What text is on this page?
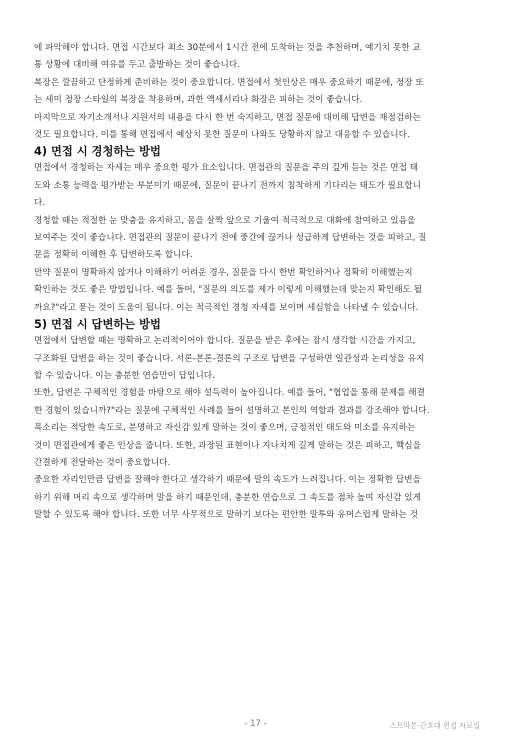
에 파악해야 합니다. 면접 시간보다 최소 30분에서 1시간 전에 도착하는 것을 추천하며, 예기치 못한 교

통 상황에 대비해 여유를 두고 출발하는 것이 좋습니다.

복장은 깔끔하고 단정하게 준비하는 것이 중요합니다. 면접에서 첫인상은 매우 중요하기 때문에, 정장 또

는 세미 정장 스타일의 복장을 착용하며, 과한 액세서리나 화장은 피하는 것이 좋습니다.

마지막으로 자기소개서나 지원서의 내용을 다시 한 번 숙지하고, 면접 질문에 대비해 답변을 재점검하는

것도 필요합니다. 이를 통해 면접에서 예상치 못한 질문이 나와도 당황하지 않고 대응할 수 있습니다.

4) 면접 시 경청하는 방법

면접에서 경청하는 자세는 매우 중요한 평가 요소입니다. 면접관의 질문을 주의 깊게 듣는 것은 면접 태

도와 소통 능력을 평가받는 부분이기 때문에, 질문이 끝나기 전까지 침착하게 기다리는 태도가 필요합니

다.

경청할 때는 적절한 눈 맞춤을 유지하고, 몸을 살짝 앞으로 기울여 적극적으로 대화에 참여하고 있음을

보여주는 것이 좋습니다. 면접관의 질문이 끝나기 전에 중간에 끊거나 성급하게 답변하는 것을 피하고, 질

문을 정확히 이해한 후 답변하도록 합니다.

만약 질문이 명확하지 않거나 이해하기 어려운 경우, 질문을 다시 한번 확인하거나 정확히 이해했는지

확인하는 것도 좋은 방법입니다. 예를 들어, "질문의 의도를 제가 이렇게 이해했는데 맞는지 확인해도 될

까요?"라고 묻는 것이 도움이 됩니다. 이는 적극적인 경청 자세를 보이며 세심함을 나타낼 수 있습니다.

5) 면접 시 답변하는 방법

면접에서 답변할 때는 명확하고 논리적이어야 합니다. 질문을 받은 후에는 잠시 생각할 시간을 가지고,

구조화된 답변을 하는 것이 좋습니다. 서론-본론-결론의 구조로 답변을 구성하면 일관성과 논리성을 유지

할 수 있습니다. 이는 충분한 연습만이 답입니다.

또한, 답변은 구체적인 경험을 바탕으로 해야 설득력이 높아집니다. 예를 들어, "협업을 통해 문제를 해결

한 경험이 있습니까?"라는 질문에 구체적인 사례를 들어 설명하고 본인의 역할과 결과를 강조해야 합니다.

목소리는 적당한 속도로, 분명하고 자신감 있게 말하는 것이 좋으며, 긍정적인 태도와 미소를 유지하는

것이 면접관에게 좋은 인상을 줍니다. 또한, 과장된 표현이나 지나치게 길게 말하는 것은 피하고, 핵심을

간결하게 전달하는 것이 중요합니다.

중요한 자리인만큼 답변을 잘해야 한다고 생각하기 때문에 말의 속도가 느려집니다. 이는 정확한 답변을

하기 위해 머리 속으로 생각하며 말을 하기 때문인데, 충분한 연습으로 그 속도를 점차 높여 자신감 있게

말할 수 있도록 해야 합니다. 또한 너무 사무적으로 말하기 보다는 편안한 말투와 유머스럽게 말하는 것

- 17 -	스트라톤-간호대 면접 자료집
